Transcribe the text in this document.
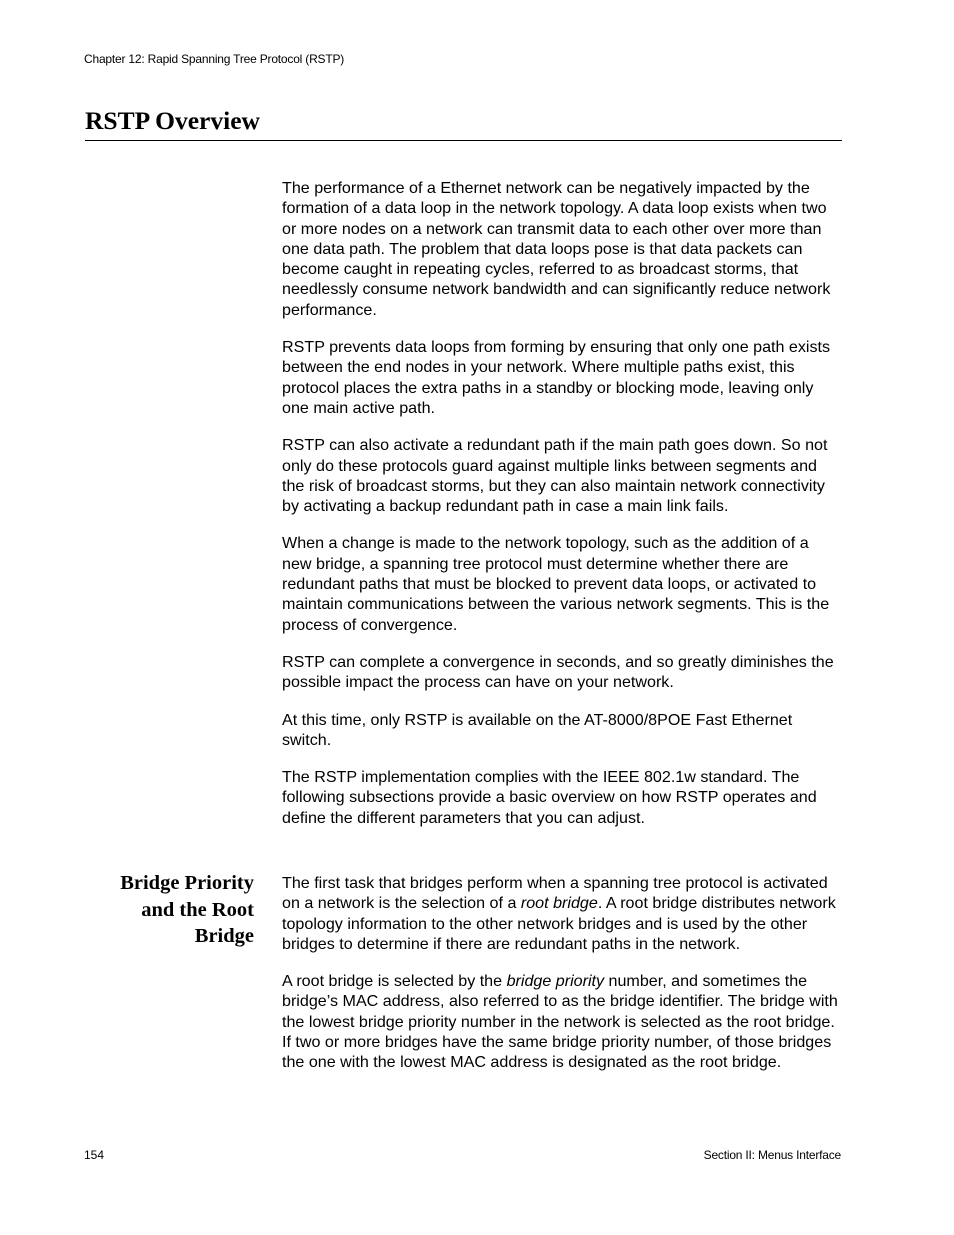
Chapter 12: Rapid Spanning Tree Protocol (RSTP)
RSTP Overview

The performance of a Ethernet network can be negatively impacted by the formation of a data loop in the network topology. A data loop exists when two or more nodes on a network can transmit data to each other over more than one data path. The problem that data loops pose is that data packets can become caught in repeating cycles, referred to as broadcast storms, that needlessly consume network bandwidth and can significantly reduce network performance.

RSTP prevents data loops from forming by ensuring that only one path exists between the end nodes in your network. Where multiple paths exist, this protocol places the extra paths in a standby or blocking mode, leaving only one main active path.

RSTP can also activate a redundant path if the main path goes down. So not only do these protocols guard against multiple links between segments and the risk of broadcast storms, but they can also maintain network connectivity by activating a backup redundant path in case a main link fails.

When a change is made to the network topology, such as the addition of a new bridge, a spanning tree protocol must determine whether there are redundant paths that must be blocked to prevent data loops, or activated to maintain communications between the various network segments. This is the process of convergence.

RSTP can complete a convergence in seconds, and so greatly diminishes the possible impact the process can have on your network.

At this time, only RSTP is available on the AT-8000/8POE Fast Ethernet switch.

The RSTP implementation complies with the IEEE 802.1w standard. The following subsections provide a basic overview on how RSTP operates and define the different parameters that you can adjust.

Bridge Priority and the Root Bridge

The first task that bridges perform when a spanning tree protocol is activated on a network is the selection of a root bridge. A root bridge distributes network topology information to the other network bridges and is used by the other bridges to determine if there are redundant paths in the network.

A root bridge is selected by the bridge priority number, and sometimes the bridge’s MAC address, also referred to as the bridge identifier. The bridge with the lowest bridge priority number in the network is selected as the root bridge. If two or more bridges have the same bridge priority number, of those bridges the one with the lowest MAC address is designated as the root bridge.

154	Section II: Menus Interface
